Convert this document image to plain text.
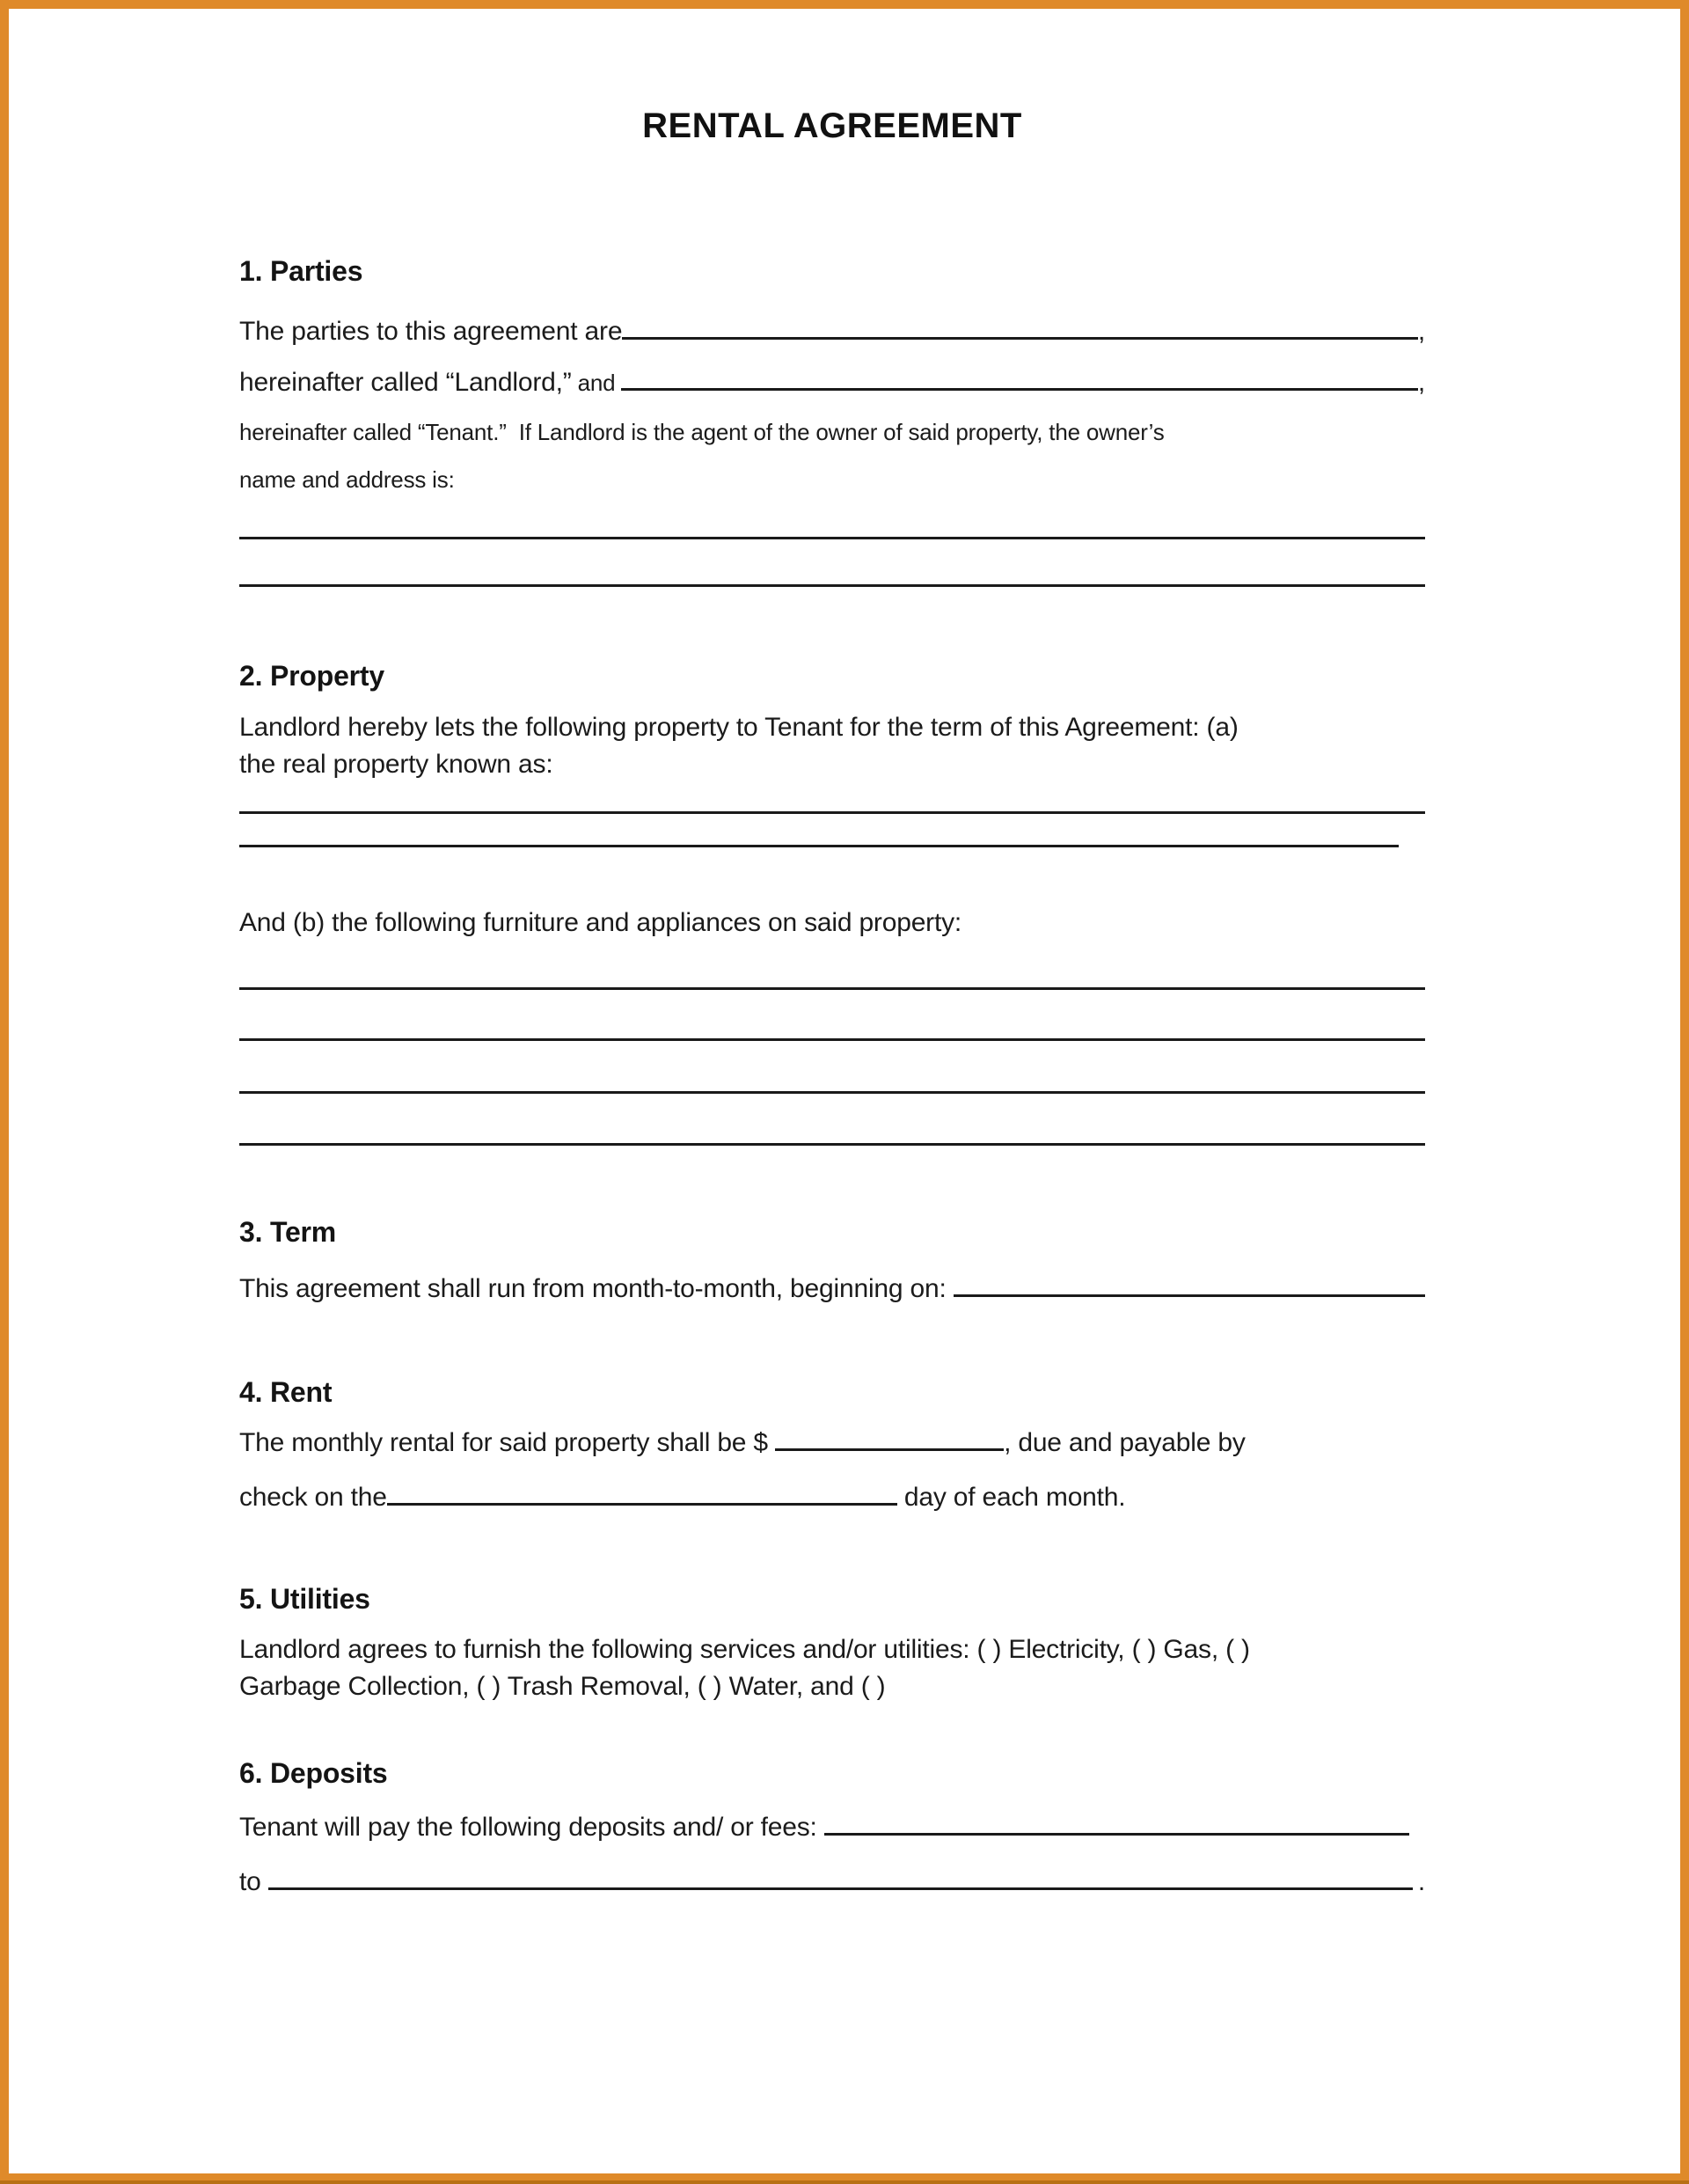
RENTAL AGREEMENT
1. Parties
The parties to this agreement are	,
hereinafter called “Landlord,” and	,
hereinafter called “Tenant.”  If Landlord is the agent of the owner of said property, the owner’s
name and address is:
2. Property
Landlord hereby lets the following property to Tenant for the term of this Agreement: (a)
the real property known as:
And (b) the following furniture and appliances on said property:
3. Term
This agreement shall run from month-to-month, beginning on:
4. Rent
The monthly rental for said property shall be $	, due and payable by
check on the	day of each month.
5. Utilities
Landlord agrees to furnish the following services and/or utilities: ( ) Electricity, ( ) Gas, ( )
Garbage Collection, ( ) Trash Removal, ( ) Water, and ( )
6. Deposits
Tenant will pay the following deposits and/ or fees:
to	.
